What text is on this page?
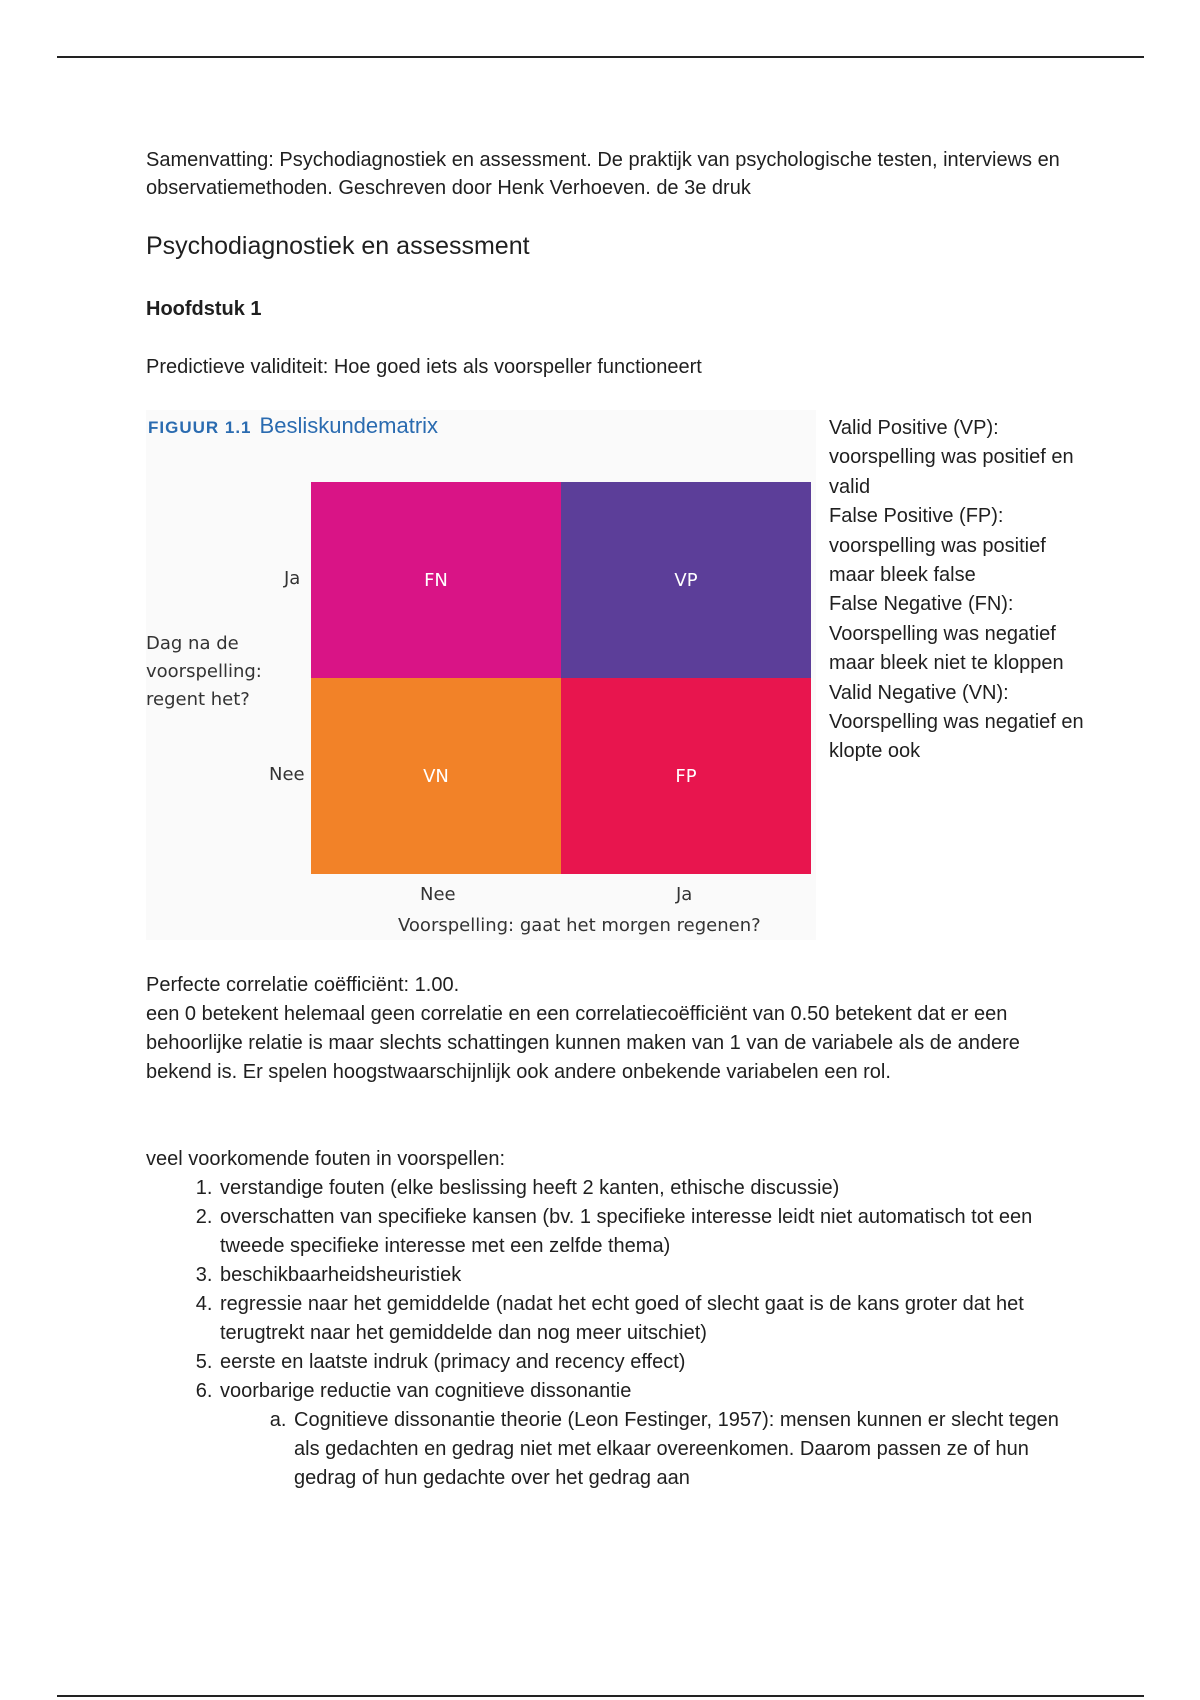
Samenvatting: Psychodiagnostiek en assessment. De praktijk van psychologische testen, interviews en observatiemethoden. Geschreven door Henk Verhoeven. de 3e druk

Psychodiagnostiek en assessment
Hoofdstuk 1

Predictieve validiteit: Hoe goed iets als voorspeller functioneert

FIGUUR 1.1 Besliskundematrix
FN	VP
VN	FP
Ja
Nee
Dag na de voorspelling: regent het?
Nee	Ja
Voorspelling: gaat het morgen regenen?

Valid Positive (VP): voorspelling was positief en valid

False Positive (FP): voorspelling was positief maar bleek false

False Negative (FN): Voorspelling was negatief maar bleek niet te kloppen

Valid Negative (VN): Voorspelling was negatief en klopte ook

Perfecte correlatie coëfficiënt: 1.00.

een 0 betekent helemaal geen correlatie en een correlatiecoëfficiënt van 0.50 betekent dat er een behoorlijke relatie is maar slechts schattingen kunnen maken van 1 van de variabele als de andere bekend is. Er spelen hoogstwaarschijnlijk ook andere onbekende variabelen een rol.

veel voorkomende fouten in voorspellen:

1. verstandige fouten (elke beslissing heeft 2 kanten, ethische discussie)
2. overschatten van specifieke kansen (bv. 1 specifieke interesse leidt niet automatisch tot een tweede specifieke interesse met een zelfde thema)
3. beschikbaarheidsheuristiek
4. regressie naar het gemiddelde (nadat het echt goed of slecht gaat is de kans groter dat het terugtrekt naar het gemiddelde dan nog meer uitschiet)
5. eerste en laatste indruk (primacy and recency effect)
6. voorbarige reductie van cognitieve dissonantie
a. Cognitieve dissonantie theorie (Leon Festinger, 1957): mensen kunnen er slecht tegen als gedachten en gedrag niet met elkaar overeenkomen. Daarom passen ze of hun gedrag of hun gedachte over het gedrag aan
